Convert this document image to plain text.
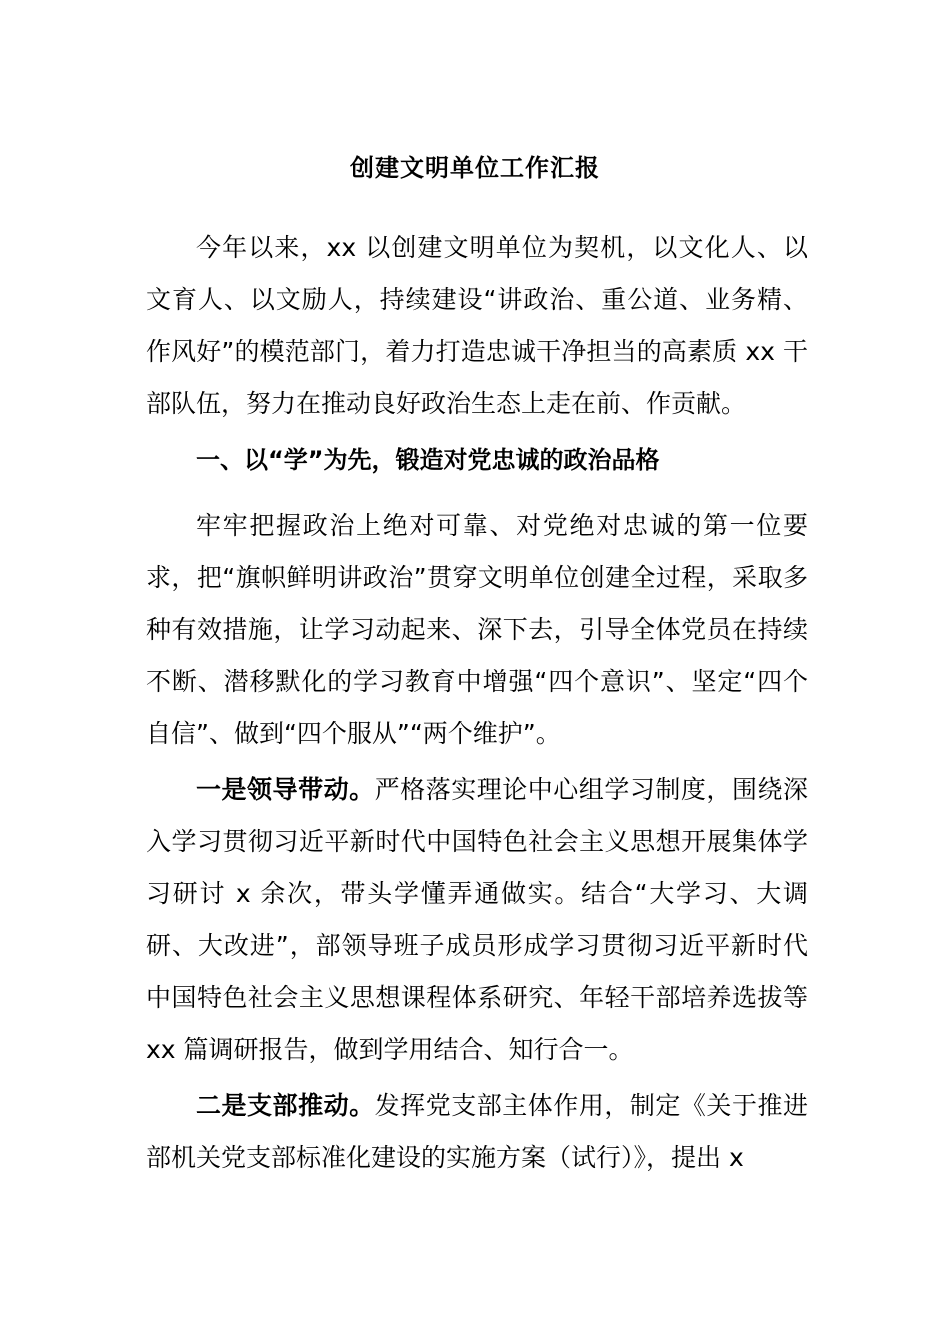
创建文明单位工作汇报

今年以来，xx 以创建文明单位为契机，以文化人、以文育人、以文励人，持续建设“讲政治、重公道、业务精、作风好”的模范部门，着力打造忠诚干净担当的高素质 xx 干部队伍，努力在推动良好政治生态上走在前、作贡献。

一、以“学”为先，锻造对党忠诚的政治品格

牢牢把握政治上绝对可靠、对党绝对忠诚的第一位要求，把“旗帜鲜明讲政治”贯穿文明单位创建全过程，采取多种有效措施，让学习动起来、深下去，引导全体党员在持续不断、潜移默化的学习教育中增强“四个意识”、坚定“四个自信”、做到“四个服从”“两个维护”。

一是领导带动。严格落实理论中心组学习制度，围绕深入学习贯彻习近平新时代中国特色社会主义思想开展集体学习研讨 x 余次，带头学懂弄通做实。结合“大学习、大调研、大改进”，部领导班子成员形成学习贯彻习近平新时代中国特色社会主义思想课程体系研究、年轻干部培养选拔等 xx 篇调研报告，做到学用结合、知行合一。

二是支部推动。发挥党支部主体作用，制定《关于推进部机关党支部标准化建设的实施方案（试行）》，提出 x
